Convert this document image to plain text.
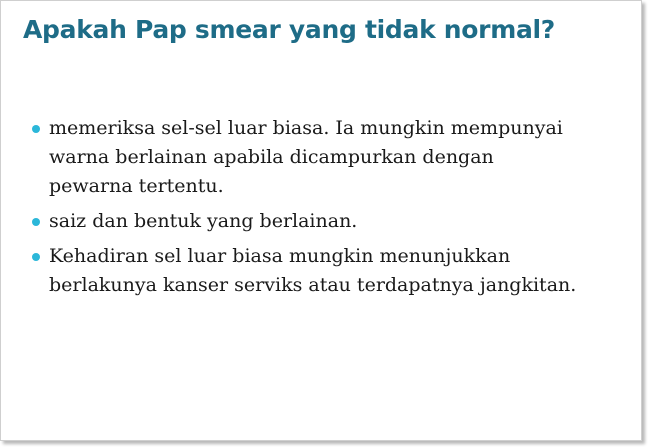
Apakah Pap smear yang tidak normal?
memeriksa sel-sel luar biasa. Ia mungkin mempunyai
warna berlainan apabila dicampurkan dengan
pewarna tertentu.
saiz dan bentuk yang berlainan.
Kehadiran sel luar biasa mungkin menunjukkan
berlakunya kanser serviks atau terdapatnya jangkitan.
